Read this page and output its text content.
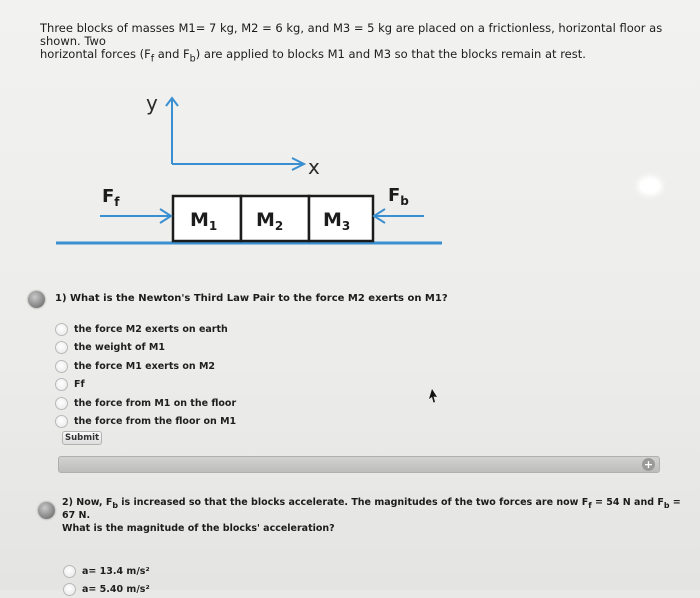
Three blocks of masses M1= 7 kg, M2 = 6 kg, and M3 = 5 kg are placed on a frictionless, horizontal floor as shown. Two
horizontal forces ($F_f$ and $F_b$) are applied to blocks M1 and M3 so that the blocks remain at rest.
y
x
$M_1$ $M_2$ $M_3$
$F_f$	$F_b$
1) What is the Newton's Third Law Pair to the force M2 exerts on M1?
the force M2 exerts on earth
the weight of M1
the force M1 exerts on M2
Ff
the force from M1 on the floor
the force from the floor on M1
Submit
+
2) Now, $F_b$ is increased so that the blocks accelerate. The magnitudes of the two forces are now $F_f = 54$ N and $F_b = 67$ N.
What is the magnitude of the blocks' acceleration?
a= 13.4 m/s²
a= 5.40 m/s²
